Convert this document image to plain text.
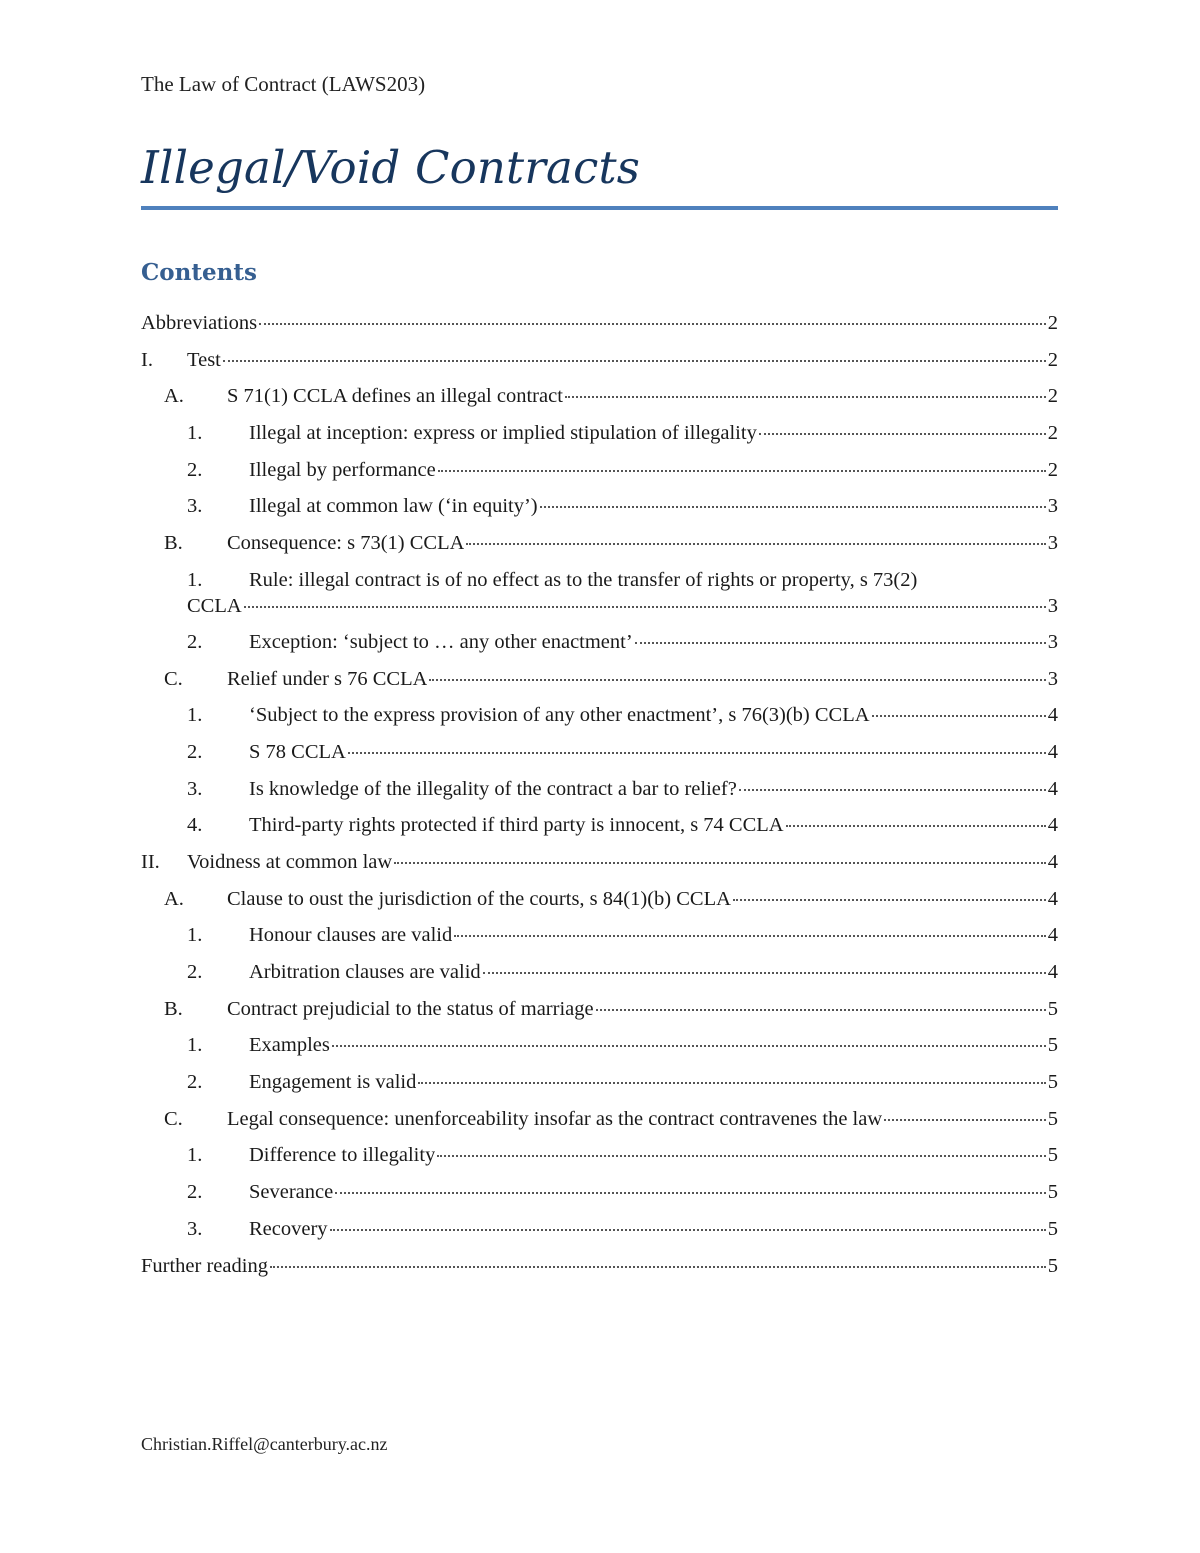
The Law of Contract (LAWS203)
Illegal/Void Contracts
Contents
Abbreviations	2
I.	Test	2
A.	S 71(1) CCLA defines an illegal contract	2
1.	Illegal at inception: express or implied stipulation of illegality	2
2.	Illegal by performance	2
3.	Illegal at common law (‘in equity’)	3
B.	Consequence: s 73(1) CCLA	3
1.	Rule: illegal contract is of no effect as to the transfer of rights or property, s 73(2)
CCLA	3
2.	Exception: ‘subject to … any other enactment’	3
C.	Relief under s 76 CCLA	3
1.	‘Subject to the express provision of any other enactment’, s 76(3)(b) CCLA	4
2.	S 78 CCLA	4
3.	Is knowledge of the illegality of the contract a bar to relief?	4
4.	Third-party rights protected if third party is innocent, s 74 CCLA	4
II.	Voidness at common law	4
A.	Clause to oust the jurisdiction of the courts, s 84(1)(b) CCLA	4
1.	Honour clauses are valid	4
2.	Arbitration clauses are valid	4
B.	Contract prejudicial to the status of marriage	5
1.	Examples	5
2.	Engagement is valid	5
C.	Legal consequence: unenforceability insofar as the contract contravenes the law	5
1.	Difference to illegality	5
2.	Severance	5
3.	Recovery	5
Further reading	5
Christian.Riffel@canterbury.ac.nz
